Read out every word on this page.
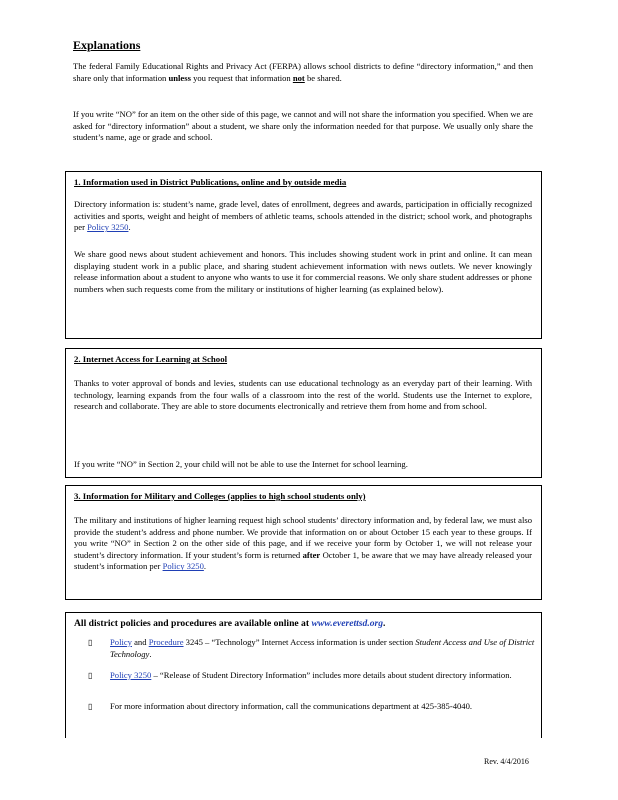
Explanations
The federal Family Educational Rights and Privacy Act (FERPA) allows school districts to define “directory information,” and then share only that information unless you request that information not be shared.
If you write “NO” for an item on the other side of this page, we cannot and will not share the information you specified. When we are asked for “directory information” about a student, we share only the information needed for that purpose. We usually only share the student’s name, age or grade and school.
1. Information used in District Publications, online and by outside media
Directory information is: student’s name, grade level, dates of enrollment, degrees and awards, participation in officially recognized activities and sports, weight and height of members of athletic teams, schools attended in the district; school work, and photographs per Policy 3250.
We share good news about student achievement and honors. This includes showing student work in print and online. It can mean displaying student work in a public place, and sharing student achievement information with news outlets. We never knowingly release information about a student to anyone who wants to use it for commercial reasons. We only share student addresses or phone numbers when such requests come from the military or institutions of higher learning (as explained below).
2. Internet Access for Learning at School
Thanks to voter approval of bonds and levies, students can use educational technology as an everyday part of their learning. With technology, learning expands from the four walls of a classroom into the rest of the world. Students use the Internet to explore, research and collaborate. They are able to store documents electronically and retrieve them from home and from school.
If you write “NO” in Section 2, your child will not be able to use the Internet for school learning.
3. Information for Military and Colleges (applies to high school students only)
The military and institutions of higher learning request high school students’ directory information and, by federal law, we must also provide the student’s address and phone number. We provide that information on or about October 15 each year to these groups. If you write “NO” in Section 2 on the other side of this page, and if we receive your form by October 1, we will not release your student’s directory information. If your student’s form is returned after October 1, be aware that we may have already released your student’s information per Policy 3250.
All district policies and procedures are available online at www.everettsd.org.
▯ Policy and Procedure 3245 – “Technology” Internet Access information is under section Student Access and Use of District Technology.
▯ Policy 3250 – “Release of Student Directory Information” includes more details about student directory information.
▯ For more information about directory information, call the communications department at 425-385-4040.
Rev. 4/4/2016
